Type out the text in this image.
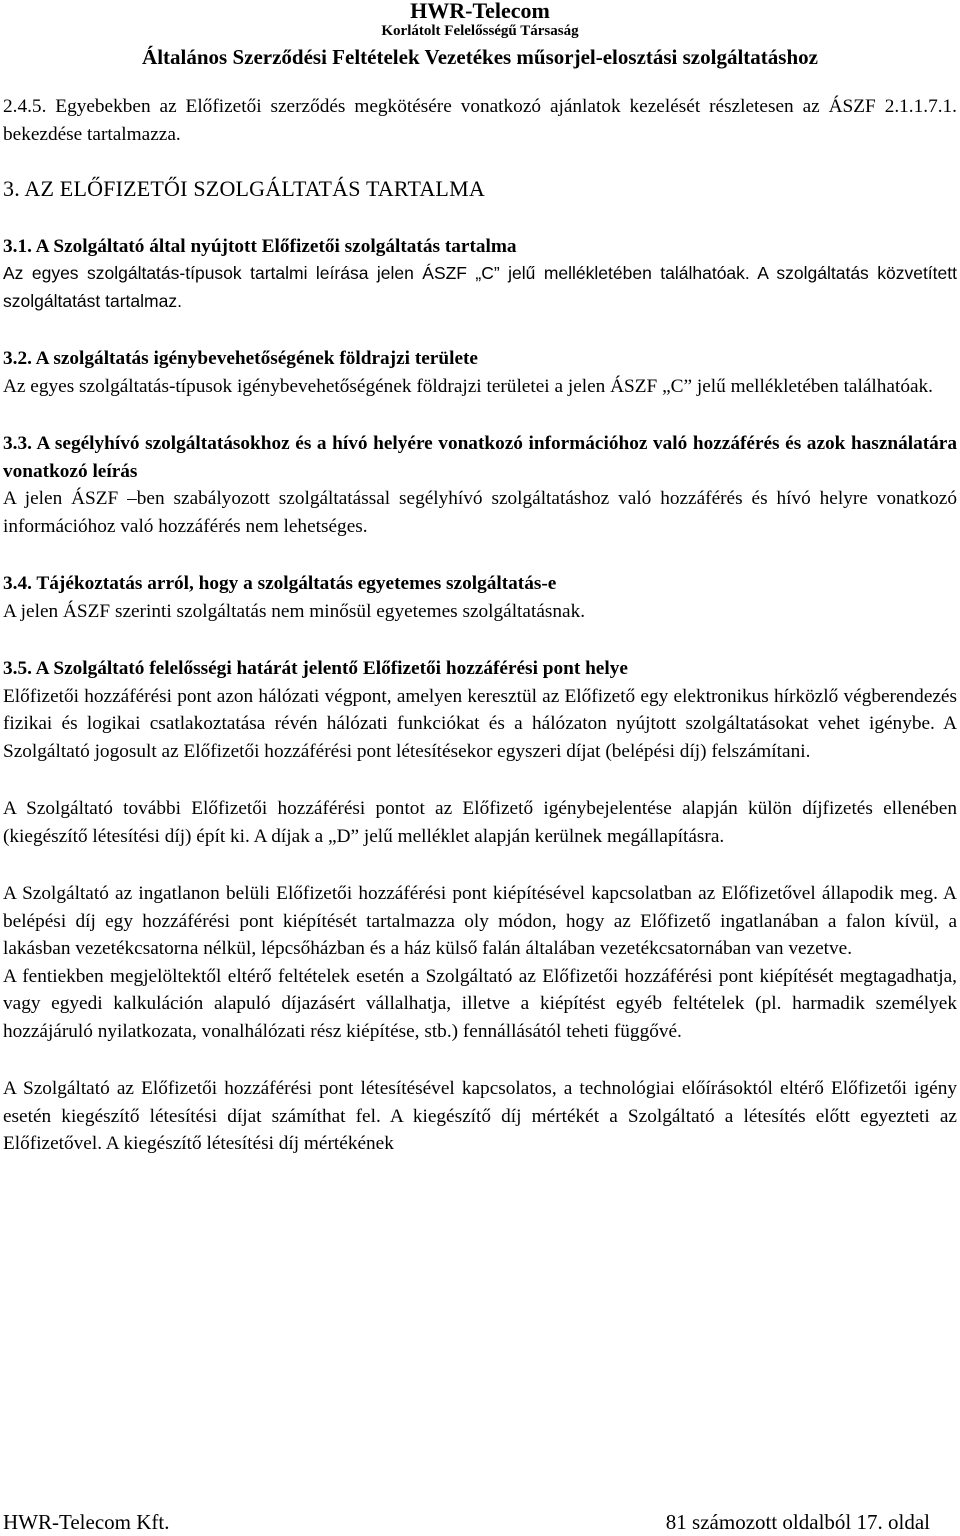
HWR-Telecom
Korlátolt Felelősségű Társaság
Általános Szerződési Feltételek Vezetékes műsorjel-elosztási szolgáltatáshoz

2.4.5. Egyebekben az Előfizetői szerződés megkötésére vonatkozó ajánlatok kezelését részletesen az ÁSZF 2.1.1.7.1. bekezdése tartalmazza.

3. AZ ELŐFIZETŐI SZOLGÁLTATÁS TARTALMA

3.1. A Szolgáltató által nyújtott Előfizetői szolgáltatás tartalma

Az egyes szolgáltatás-típusok tartalmi leírása jelen ÁSZF „C” jelű mellékletében találhatóak. A szolgáltatás közvetített szolgáltatást tartalmaz.

3.2. A szolgáltatás igénybevehetőségének földrajzi területe

Az egyes szolgáltatás-típusok igénybevehetőségének földrajzi területei a jelen ÁSZF „C” jelű mellékletében találhatóak.

3.3. A segélyhívó szolgáltatásokhoz és a hívó helyére vonatkozó információhoz való hozzáférés és azok használatára vonatkozó leírás

A jelen ÁSZF –ben szabályozott szolgáltatással segélyhívó szolgáltatáshoz való hozzáférés és hívó helyre vonatkozó információhoz való hozzáférés nem lehetséges.

3.4. Tájékoztatás arról, hogy a szolgáltatás egyetemes szolgáltatás-e

A jelen ÁSZF szerinti szolgáltatás nem minősül egyetemes szolgáltatásnak.

3.5. A Szolgáltató felelősségi határát jelentő Előfizetői hozzáférési pont helye

Előfizetői hozzáférési pont azon hálózati végpont, amelyen keresztül az Előfizető egy elektronikus hírközlő végberendezés fizikai és logikai csatlakoztatása révén hálózati funkciókat és a hálózaton nyújtott szolgáltatásokat vehet igénybe. A Szolgáltató jogosult az Előfizetői hozzáférési pont létesítésekor egyszeri díjat (belépési díj) felszámítani.

A Szolgáltató további Előfizetői hozzáférési pontot az Előfizető igénybejelentése alapján külön díjfizetés ellenében (kiegészítő létesítési díj) épít ki. A díjak a „D” jelű melléklet alapján kerülnek megállapításra.

A Szolgáltató az ingatlanon belüli Előfizetői hozzáférési pont kiépítésével kapcsolatban az Előfizetővel állapodik meg. A belépési díj egy hozzáférési pont kiépítését tartalmazza oly módon, hogy az Előfizető ingatlanában a falon kívül, a lakásban vezetékcsatorna nélkül, lépcsőházban és a ház külső falán általában vezetékcsatornában van vezetve.

A fentiekben megjelöltektől eltérő feltételek esetén a Szolgáltató az Előfizetői hozzáférési pont kiépítését megtagadhatja, vagy egyedi kalkuláción alapuló díjazásért vállalhatja, illetve a kiépítést egyéb feltételek (pl. harmadik személyek hozzájáruló nyilatkozata, vonalhálózati rész kiépítése, stb.) fennállásától teheti függővé.

A Szolgáltató az Előfizetői hozzáférési pont létesítésével kapcsolatos, a technológiai előírásoktól eltérő Előfizetői igény esetén kiegészítő létesítési díjat számíthat fel. A kiegészítő díj mértékét a Szolgáltató a létesítés előtt egyezteti az Előfizetővel. A kiegészítő létesítési díj mértékének

HWR-Telecom Kft.	81 számozott oldalból 17. oldal
